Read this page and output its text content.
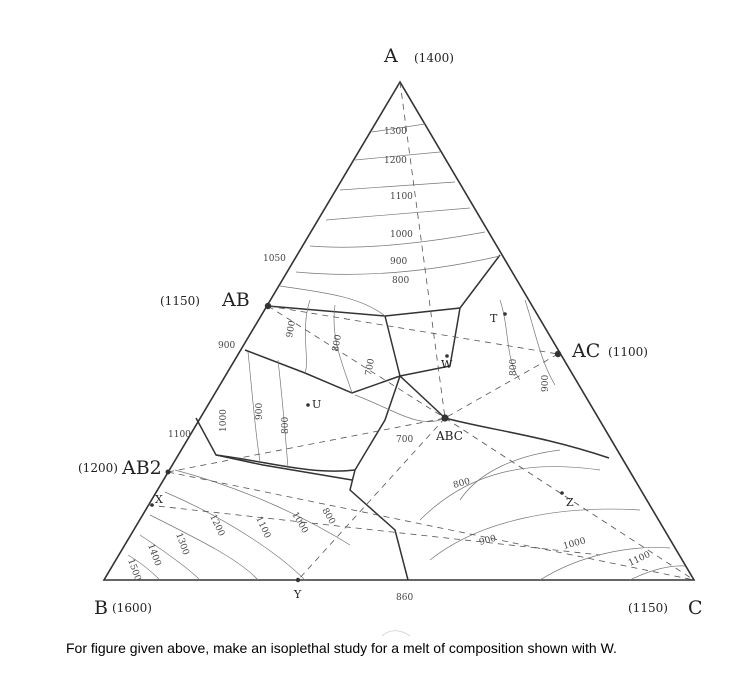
A (1400)
B (1600)	(1150) C
(1150) AB
AC (1100)
(1200) AB2
ABC
T
W
U
X
Y
Z
1300
1200
1100
1000
900
800
1050
900
1100
860
900
800
700
1000	900
800
700
1200	1100 1000 800
1300
1400
1500
800
900	1000
1100
800
900
For figure given above, make an isoplethal study for a melt of composition shown with W.
